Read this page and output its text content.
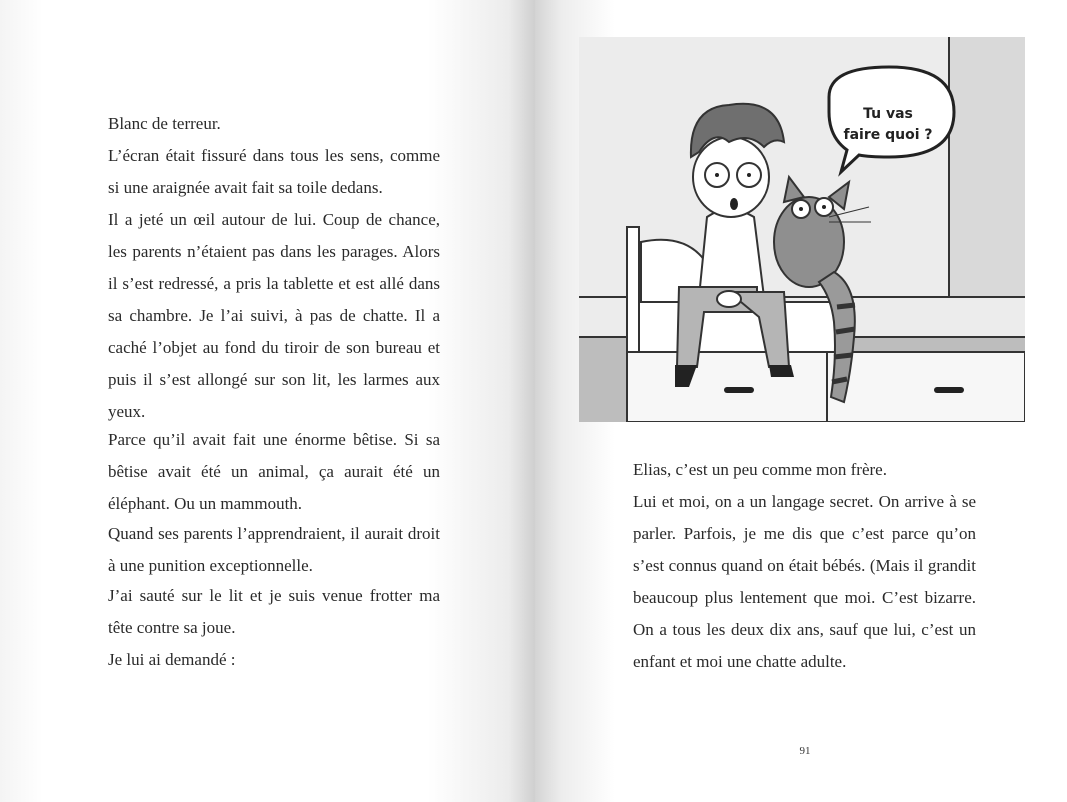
Blanc de terreur.

L’écran était fissuré dans tous les sens, comme si une araignée avait fait sa toile dedans.

Il a jeté un œil autour de lui. Coup de chance, les parents n’étaient pas dans les parages. Alors il s’est redressé, a pris la tablette et est allé dans sa chambre. Je l’ai suivi, à pas de chatte. Il a caché l’objet au fond du tiroir de son bureau et puis il s’est allongé sur son lit, les larmes aux yeux.

Parce qu’il avait fait une énorme bêtise. Si sa bêtise avait été un animal, ça aurait été un éléphant. Ou un mammouth.

Quand ses parents l’apprendraient, il aurait droit à une punition exceptionnelle.

J’ai sauté sur le lit et je suis venue frotter ma tête contre sa joue.

Je lui ai demandé :

Tu vas
faire quoi ?

Elias, c’est un peu comme mon frère.

Lui et moi, on a un langage secret. On arrive à se parler. Parfois, je me dis que c’est parce qu’on s’est connus quand on était bébés. (Mais il grandit beaucoup plus lentement que moi. C’est bizarre. On a tous les deux dix ans, sauf que lui, c’est un enfant et moi une chatte adulte.

91
